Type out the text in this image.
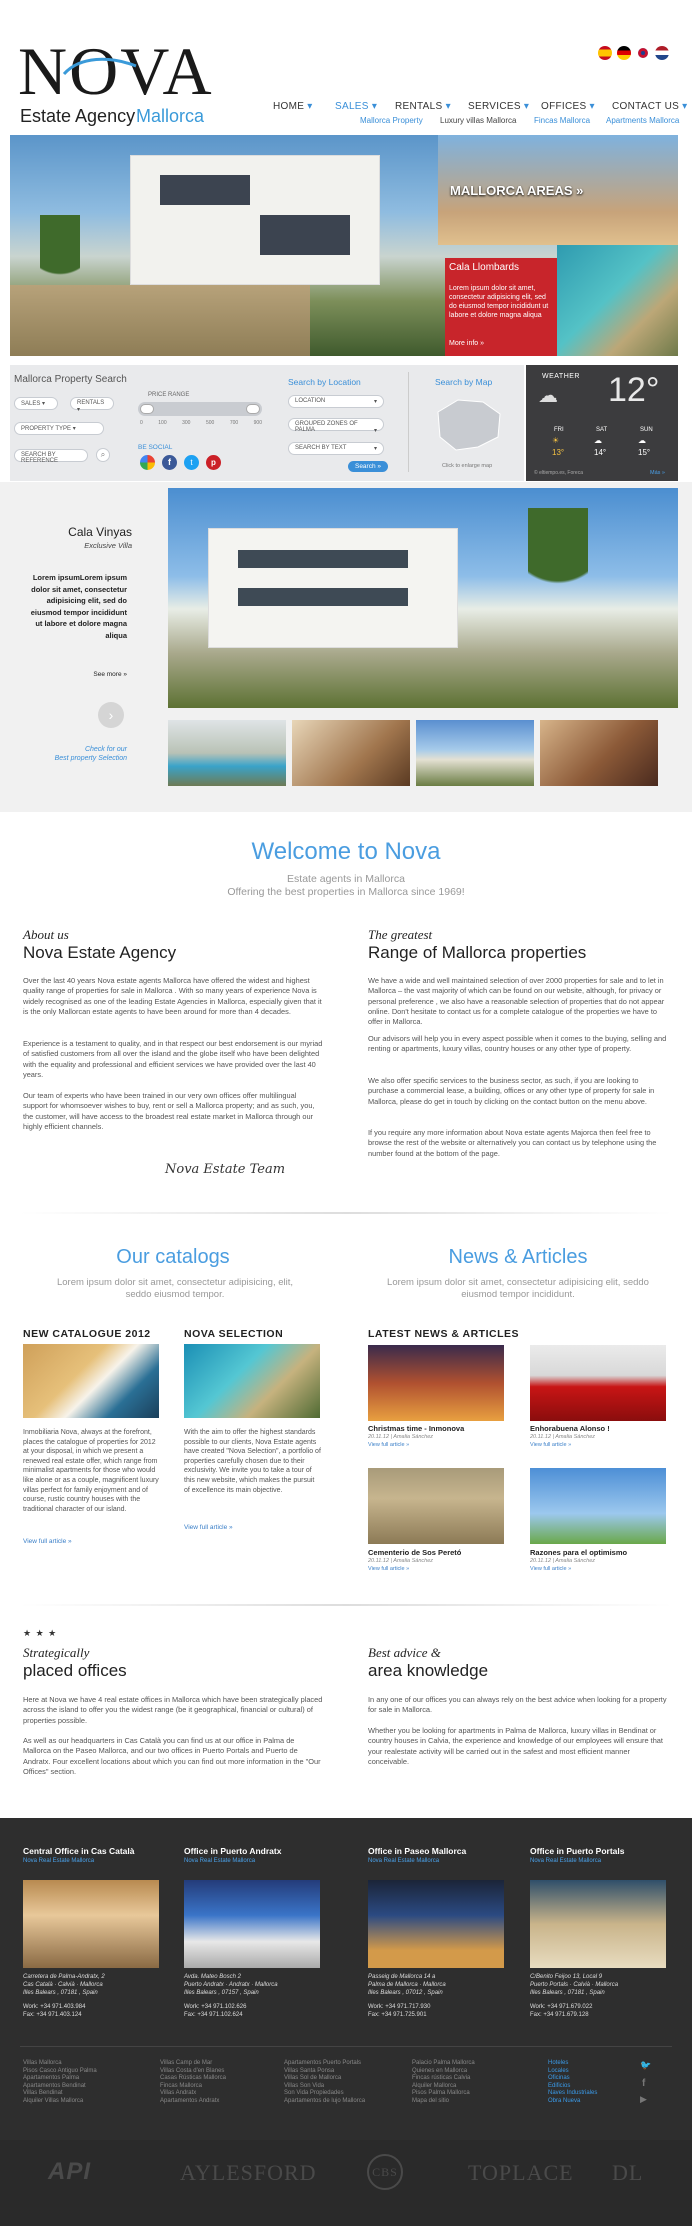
NOVA
Estate Agency Mallorca	HOME ▾ SALES ▾ RENTALS ▾ SERVICES ▾ OFFICES ▾ CONTACT US ▾
Mallorca Property Luxury villas Mallorca Fincas Mallorca Apartments Mallorca
MALLORCA AREAS »
Cala Llombards
Lorem ipsum dolor sit amet, consectetur adipisicing elit, sed do eiusmod tempor incididunt ut labore et dolore magna aliqua
More info »
Mallorca Property Search
SALES ▾	RENTALS ▾
PROPERTY TYPE ▾
SEARCH BY REFERENCE
⌕
PRICE RANGE
0	100	300	500	700	900
BE SOCIAL
f	t	p
Search by Location
LOCATION	▾
GROUPED ZONES OF PALMA	▾
SEARCH BY TEXT	▾
Search »
Search by Map
Click to enlarge map
WEATHER
☁ 12°
FRI	SAT	SUN
☀	☁	☁
13°	14°	15°
© eltiempo.es, Foreca	Más »
Cala Vinyas
Exclusive Villa
Lorem ipsumLorem ipsum dolor sit amet, consectetur adipisicing elit, sed do eiusmod tempor incididunt ut labore et dolore magna aliqua
See more »
›
Check for our
Best property Selection
Welcome to Nova
Estate agents in Mallorca
Offering the best properties in Mallorca since 1969!
About us
Nova Estate Agency
Over the last 40 years Nova estate agents Mallorca have offered the widest and highest quality range of properties for sale in Mallorca . With so many years of experience Nova is widely recognised as one of the leading Estate Agencies in Mallorca, especially given that it is the only Mallorcan estate agents to have been around for more than 4 decades.
Experience is a testament to quality, and in that respect our best endorsement is our myriad of satisfied customers from all over the island and the globe itself who have been delighted with the equality and professional and efficient services we have provided over the last 40 years.
Our team of experts who have been trained in our very own offices offer multilingual support for whomsoever wishes to buy, rent or sell a Mallorca property; and as such, you, the customer, will have access to the broadest real estate market in Mallorca through our highly efficient channels.
Nova Estate Team
The greatest
Range of Mallorca properties
We have a wide and well maintained selection of over 2000 properties for sale and to let in Mallorca – the vast majority of which can be found on our website, although, for privacy or personal preference , we also have a reasonable selection of properties that do not appear online. Don't hesitate to contact us for a complete catalogue of the properties we have to offer in Mallorca.
Our advisors will help you in every aspect possible when it comes to the buying, selling and renting or apartments, luxury villas, country houses or any other type of property.
We also offer specific services to the business sector, as such, if you are looking to purchase a commercial lease, a building, offices or any other type of property for sale in Mallorca, please do get in touch by clicking on the contact button on the menu above.
If you require any more information about Nova estate agents Majorca then feel free to browse the rest of the website or alternatively you can contact us by telephone using the number found at the bottom of the page.
Our catalogs
Lorem ipsum dolor sit amet, consectetur adipisicing, elit, seddo eiusmod tempor.
News & Articles
Lorem ipsum dolor sit amet, consectetur adipisicing elit, seddo eiusmod tempor incididunt.
NEW CATALOGUE 2012
Inmobiliaria Nova, always at the forefront, places the catalogue of properties for 2012 at your disposal, in which we present a renewed real estate offer, which range from minimalist apartments for those who would like alone or as a couple, magnificent luxury villas perfect for family enjoyment and of course, rustic country houses with the traditional character of our island.
View full article »
NOVA SELECTION
With the aim to offer the highest standards possible to our clients, Nova Estate agents have created "Nova Selection", a portfolio of properties carefully chosen due to their exclusivity. We invite you to take a tour of this new website, which makes the pursuit of excellence its main objective.
View full article »
LATEST NEWS & ARTICLES
Christmas time - Inmonova
20.11.12 | Amalia Sánchez
View full article »
Enhorabuena Alonso !
20.11.12 | Amalia Sánchez
View full article »
Cementerio de Sos Peretó
20.11.12 | Amalia Sánchez
View full article »
Razones para el optimismo
20.11.12 | Amalia Sánchez
View full article »
★ ★ ★
Strategically
placed offices
Here at Nova we have 4 real estate offices in Mallorca which have been strategically placed across the island to offer you the widest range (be it geographical, financial or cultural) of properties possible.
As well as our headquarters in Cas Català you can find us at our office in Palma de Mallorca on the Paseo Mallorca, and our two offices in Puerto Portals and Puerto de Andratx. Four excellent locations about which you can find out more information in the "Our Offices" section.
Best advice &
area knowledge
In any one of our offices you can always rely on the best advice when looking for a property for sale in Mallorca.
Whether you be looking for apartments in Palma de Mallorca, luxury villas in Bendinat or country houses in Calvia, the experience and knowledge of our employees will ensure that your realestate activity will be carried out in the safest and most efficient manner conceivable.
Central Office in Cas Català
Nova Real Estate Mallorca
Carretera de Palma-Andratx, 2
Cas Català · Calvià · Mallorca
Illes Balears , 07181 , Spain
Work: +34 971.403.984
Fax: +34 971.403.124
Office in Puerto Andratx
Nova Real Estate Mallorca
Avda. Mateo Bosch 2
Puerto Andratx · Andratx · Mallorca
Illes Balears , 07157 , Spain
Work: +34 971.102.626
Fax: +34 971.102.624
Office in Paseo Mallorca
Nova Real Estate Mallorca
Passeig de Mallorca 14 a
Palma de Mallorca · Mallorca
Illes Balears , 07012 , Spain
Work: +34 971.717.930
Fax: +34 971.725.901
Office in Puerto Portals
Nova Real Estate Mallorca
C/Benito Feijoo 13, Local 9
Puerto Portals · Calvià · Mallorca
Illes Balears , 07181 , Spain
Work: +34 971.679.022
Fax: +34 971.679.128
Villas Mallorca
Pisos Casco Antiguo Palma
Apartamentos Palma
Apartamentos Bendinat
Villas Bendinat
Alquiler Villas Mallorca
Villas Camp de Mar
Villas Costa d'en Blanes
Casas Rústicas Mallorca
Fincas Mallorca
Villas Andratx
Apartamentos Andratx
Apartamentos Puerto Portals
Villas Santa Ponsa
Villas Sol de Mallorca
Villas Son Vida
Son Vida Propiedades
Apartamentos de lujo Mallorca
Palacio Palma Mallorca
Quienes en Mallorca
Fincas rústicas Calvia
Alquiler Mallorca
Pisos Palma Mallorca
Mapa del sitio
Hoteles
Locales
Oficinas
Edificios
Naves Industriales
Obra Nueva
🐦
f
▶
API	AYLESFORD	CBS	TOPLACE DL
